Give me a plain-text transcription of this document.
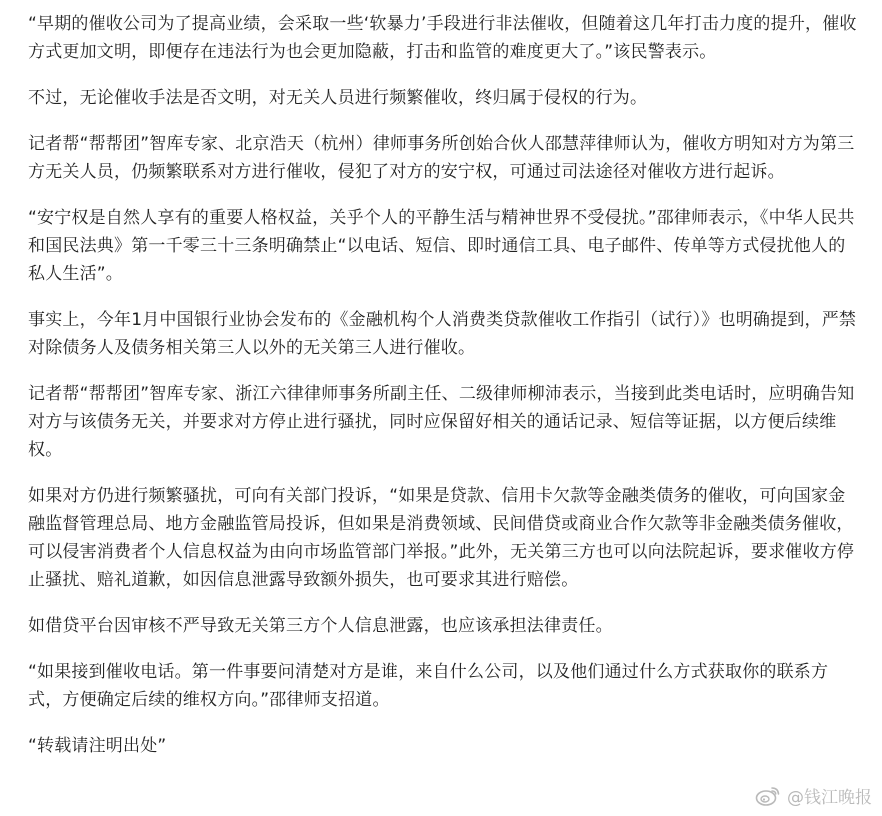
“早期的催收公司为了提高业绩，会采取一些‘软暴力’手段进行非法催收，但随着这几年打击力度的提升，催收方式更加文明，即便存在违法行为也会更加隐蔽，打击和监管的难度更大了。”该民警表示。

不过，无论催收手法是否文明，对无关人员进行频繁催收，终归属于侵权的行为。

记者帮“帮帮团”智库专家、北京浩天（杭州）律师事务所创始合伙人邵慧萍律师认为，催收方明知对方为第三方无关人员，仍频繁联系对方进行催收，侵犯了对方的安宁权，可通过司法途径对催收方进行起诉。

“安宁权是自然人享有的重要人格权益，关乎个人的平静生活与精神世界不受侵扰。”邵律师表示，《中华人民共和国民法典》第一千零三十三条明确禁止“以电话、短信、即时通信工具、电子邮件、传单等方式侵扰他人的私人生活”。

事实上，今年1月中国银行业协会发布的《金融机构个人消费类贷款催收工作指引（试行）》也明确提到，严禁对除债务人及债务相关第三人以外的无关第三人进行催收。

记者帮“帮帮团”智库专家、浙江六律律师事务所副主任、二级律师柳沛表示，当接到此类电话时，应明确告知对方与该债务无关，并要求对方停止进行骚扰，同时应保留好相关的通话记录、短信等证据，以方便后续维权。

如果对方仍进行频繁骚扰，可向有关部门投诉，“如果是贷款、信用卡欠款等金融类债务的催收，可向国家金融监督管理总局、地方金融监管局投诉，但如果是消费领域、民间借贷或商业合作欠款等非金融类债务催收，可以侵害消费者个人信息权益为由向市场监管部门举报。”此外，无关第三方也可以向法院起诉，要求催收方停止骚扰、赔礼道歉，如因信息泄露导致额外损失，也可要求其进行赔偿。

如借贷平台因审核不严导致无关第三方个人信息泄露，也应该承担法律责任。

“如果接到催收电话。第一件事要问清楚对方是谁，来自什么公司，以及他们通过什么方式获取你的联系方式，方便确定后续的维权方向。”邵律师支招道。

“转载请注明出处”

@钱江晚报
